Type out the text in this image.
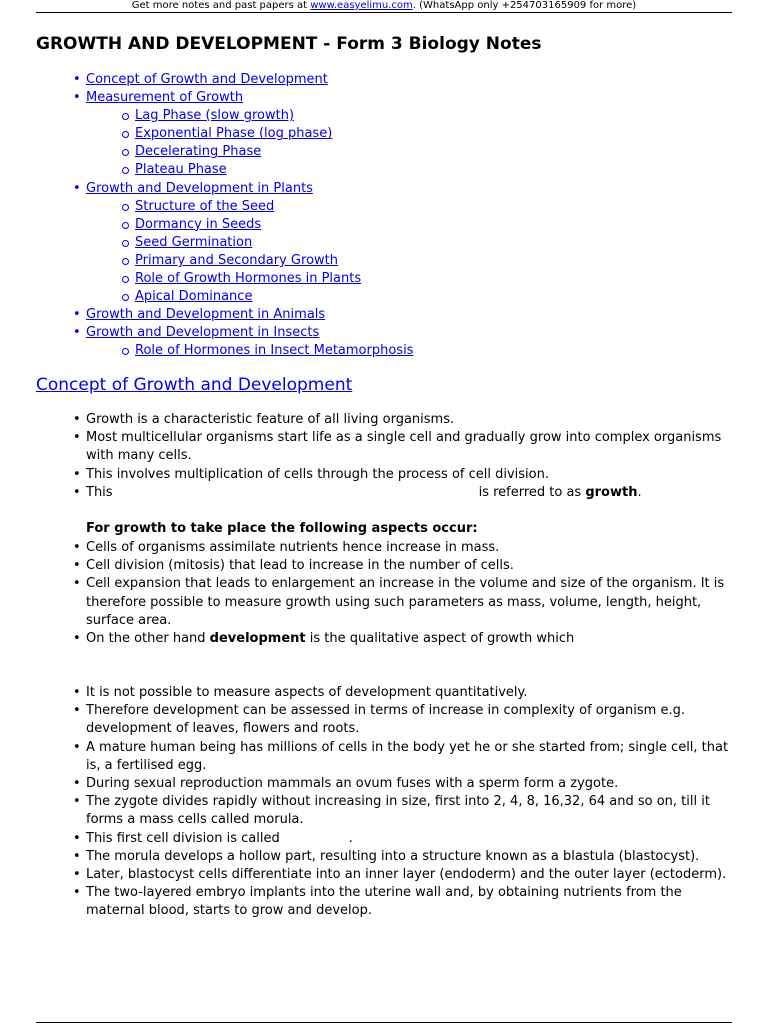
Get more notes and past papers at www.easyelimu.com. (WhatsApp only +254703165909 for more)
GROWTH AND DEVELOPMENT - Form 3 Biology Notes
• Concept of Growth and Development
• Measurement of Growth
Lag Phase (slow growth)
Exponential Phase (log phase)
Decelerating Phase
Plateau Phase
• Growth and Development in Plants
Structure of the Seed
Dormancy in Seeds
Seed Germination
Primary and Secondary Growth
Role of Growth Hormones in Plants
Apical Dominance
• Growth and Development in Animals
• Growth and Development in Insects
Role of Hormones in Insect Metamorphosis
Concept of Growth and Development
• Growth is a characteristic feature of all living organisms.
• Most multicellular organisms start life as a single cell and gradually grow into complex organisms with many cells.
• This involves multiplication of cells through the process of cell division.
• This	is referred to as growth.
For growth to take place the following aspects occur:
• Cells of organisms assimilate nutrients hence increase in mass.
• Cell division (mitosis) that lead to increase in the number of cells.
• Cell expansion that leads to enlargement an increase in the volume and size of the organism. It is therefore possible to measure growth using such parameters as mass, volume, length, height, surface area.
• On the other hand development is the qualitative aspect of growth which
• It is not possible to measure aspects of development quantitatively.
• Therefore development can be assessed in terms of increase in complexity of organism e.g. development of leaves, flowers and roots.
• A mature human being has millions of cells in the body yet he or she started from; single cell, that is, a fertilised egg.
• During sexual reproduction mammals an ovum fuses with a sperm form a zygote.
• The zygote divides rapidly without increasing in size, first into 2, 4, 8, 16,32, 64 and so on, till it forms a mass cells called morula.
• This first cell division is called	.
• The morula develops a hollow part, resulting into a structure known as a blastula (blastocyst).
• Later, blastocyst cells differentiate into an inner layer (endoderm) and the outer layer (ectoderm).
• The two-layered embryo implants into the uterine wall and, by obtaining nutrients from the maternal blood, starts to grow and develop.
